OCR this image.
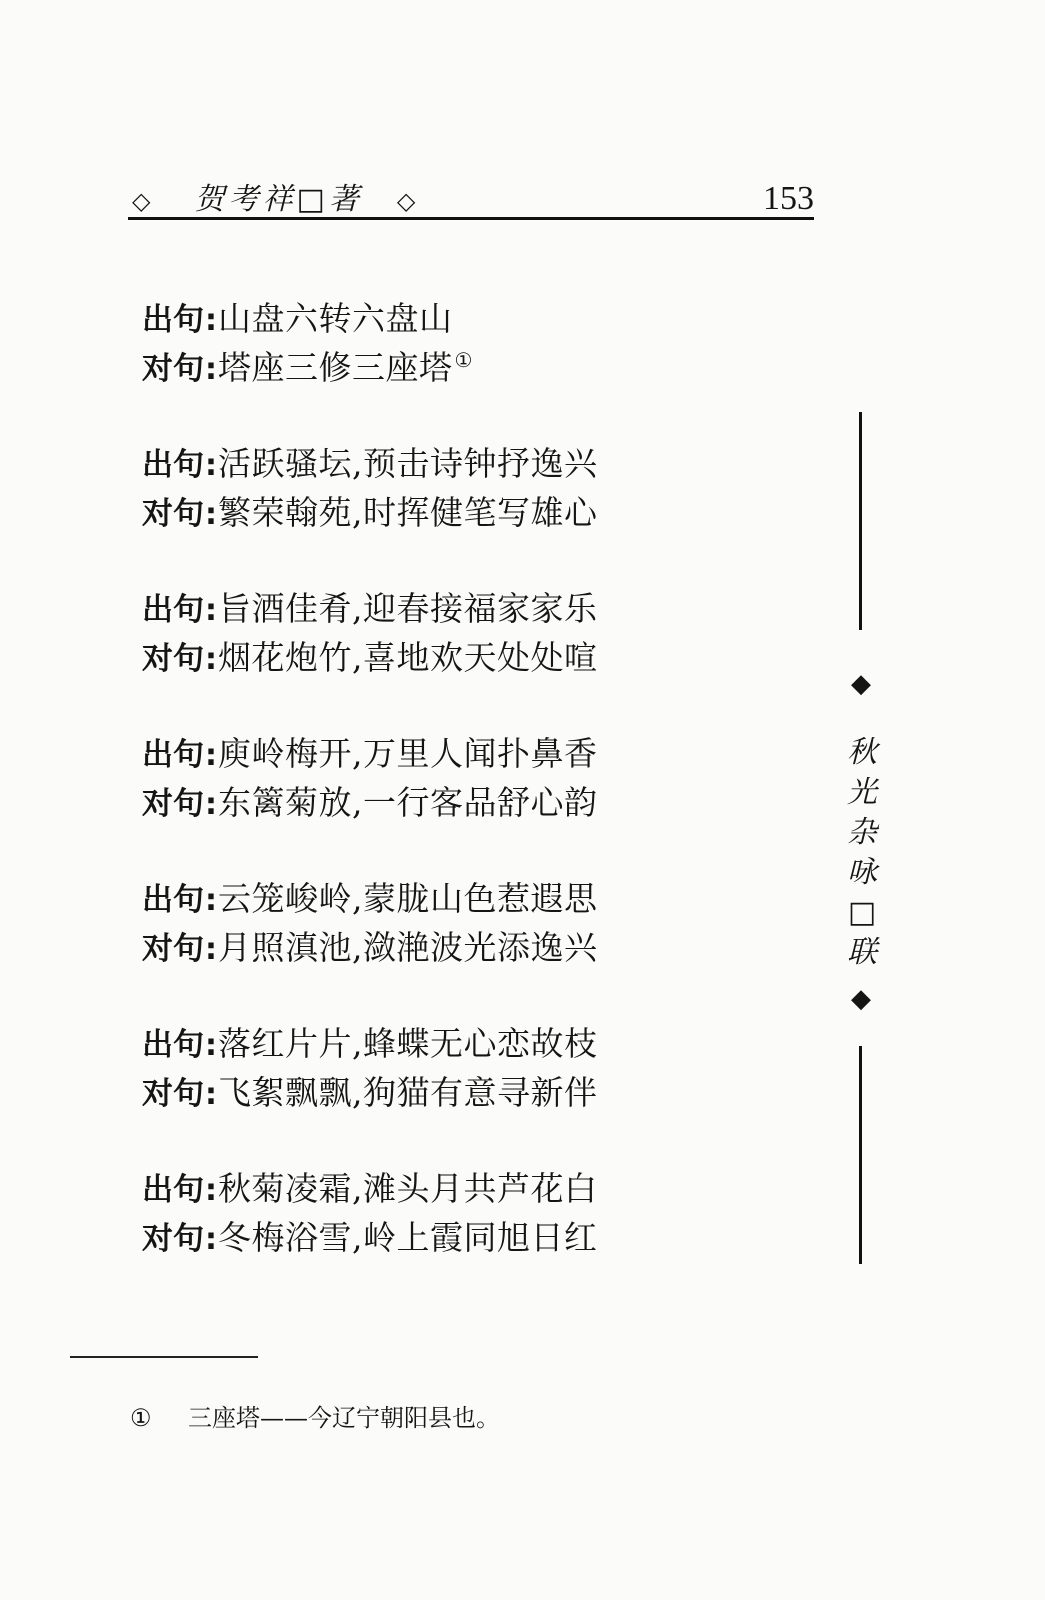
◇ 贺考祥□著 ◇	153
出句:山盘六转六盘山
对句:塔座三修三座塔 ①
出句:活跃骚坛,预击诗钟抒逸兴
对句:繁荣翰苑,时挥健笔写雄心
出句:旨酒佳肴,迎春接福家家乐
对句:烟花炮竹,喜地欢天处处喧
出句:庾岭梅开,万里人闻扑鼻香
对句:东篱菊放,一行客品舒心韵
出句:云笼峻岭,蒙胧山色惹遐思
对句:月照滇池,潋滟波光添逸兴
出句:落红片片,蜂蝶无心恋故枝
对句:飞絮飘飘,狗猫有意寻新伴
出句:秋菊凌霜,滩头月共芦花白
对句:冬梅浴雪,岭上霞同旭日红
◆
秋
光
杂
咏
□
联
◆
① 三座塔——今辽宁朝阳县也。
